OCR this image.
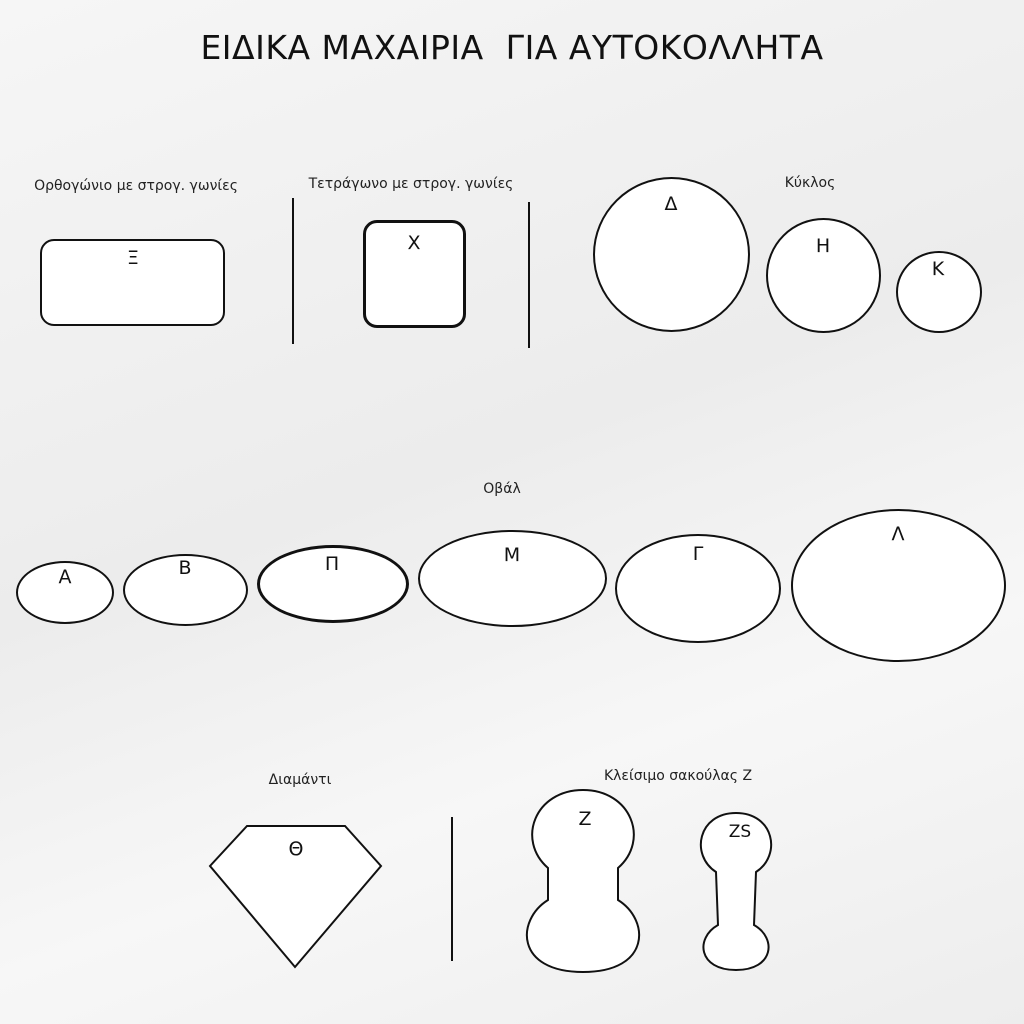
ΕΙΔΙΚΑ ΜΑΧΑΙΡΙΑ  ΓΙΑ ΑΥΤΟΚΟΛΛΗΤΑ
Ορθογώνιο με στρογ. γωνίες
Ξ
Τετράγωνο με στρογ. γωνίες
Χ
Κύκλος
Δ
Η
Κ
Οβάλ
Α	Β	Π	Μ	Γ
Λ
Διαμάντι	Κλείσιμο σακούλας Ζ
Θ
Z
ZS
